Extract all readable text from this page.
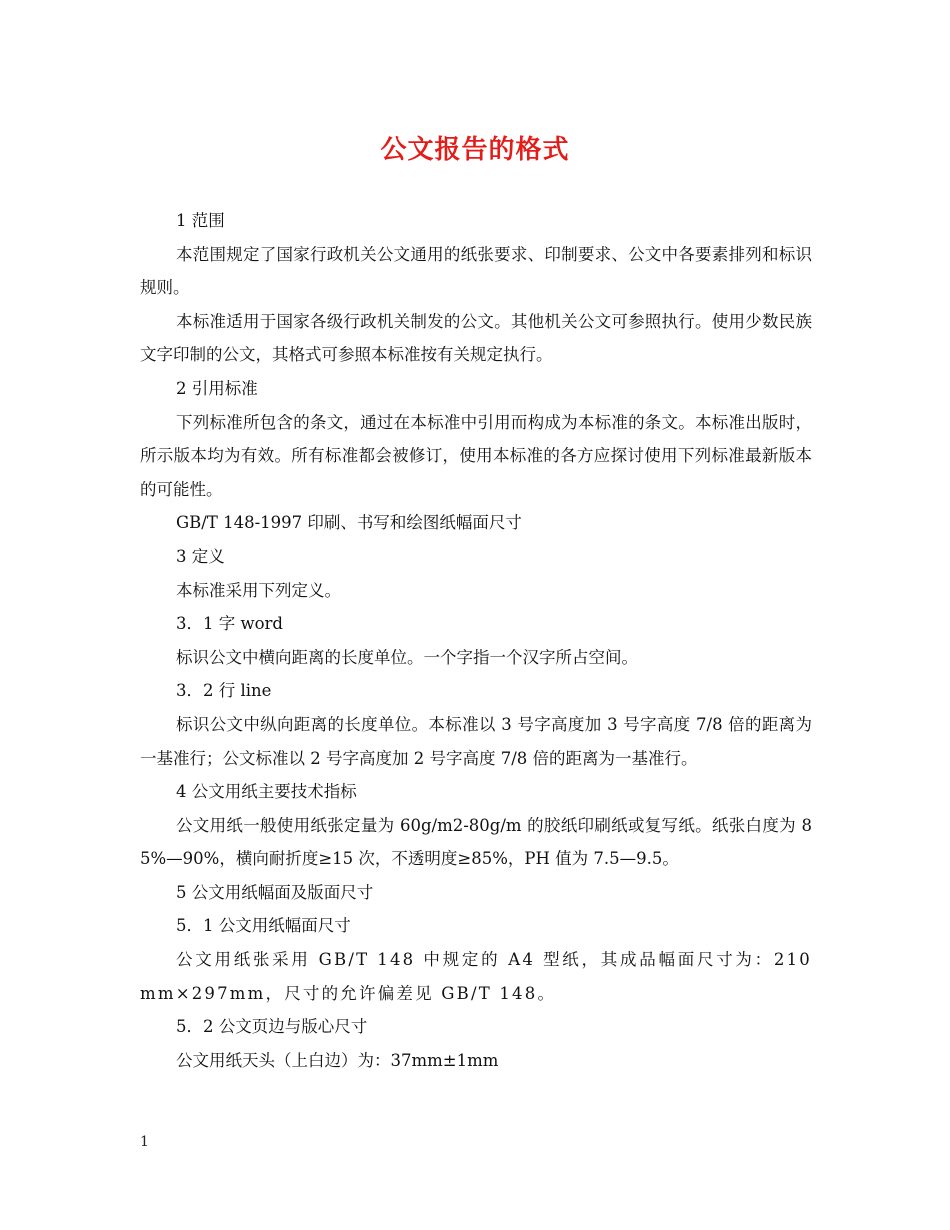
公文报告的格式

1 范围

本范围规定了国家行政机关公文通用的纸张要求、印制要求、公文中各要素排列和标识规则。

本标准适用于国家各级行政机关制发的公文。其他机关公文可参照执行。使用少数民族文字印制的公文，其格式可参照本标准按有关规定执行。

2 引用标准

下列标准所包含的条文，通过在本标准中引用而构成为本标准的条文。本标准出版时，所示版本均为有效。所有标准都会被修订，使用本标准的各方应探讨使用下列标准最新版本的可能性。

GB/T 148-1997 印刷、书写和绘图纸幅面尺寸

3 定义

本标准采用下列定义。

3．1 字 word

标识公文中横向距离的长度单位。一个字指一个汉字所占空间。

3．2 行 line

标识公文中纵向距离的长度单位。本标准以 3 号字高度加 3 号字高度 7/8 倍的距离为一基准行；公文标准以 2 号字高度加 2 号字高度 7/8 倍的距离为一基准行。

4 公文用纸主要技术指标

公文用纸一般使用纸张定量为 60g/m2-80g/m 的胶纸印刷纸或复写纸。纸张白度为 85%—90%，横向耐折度≥15 次，不透明度≥85%，PH 值为 7.5—9.5。

5 公文用纸幅面及版面尺寸

5．1 公文用纸幅面尺寸

公文用纸张采用 GB/T 148 中规定的 A4 型纸，其成品幅面尺寸为：210mm×297mm，尺寸的允许偏差见 GB/T 148。

5．2 公文页边与版心尺寸

公文用纸天头（上白边）为：37mm±1mm

1
